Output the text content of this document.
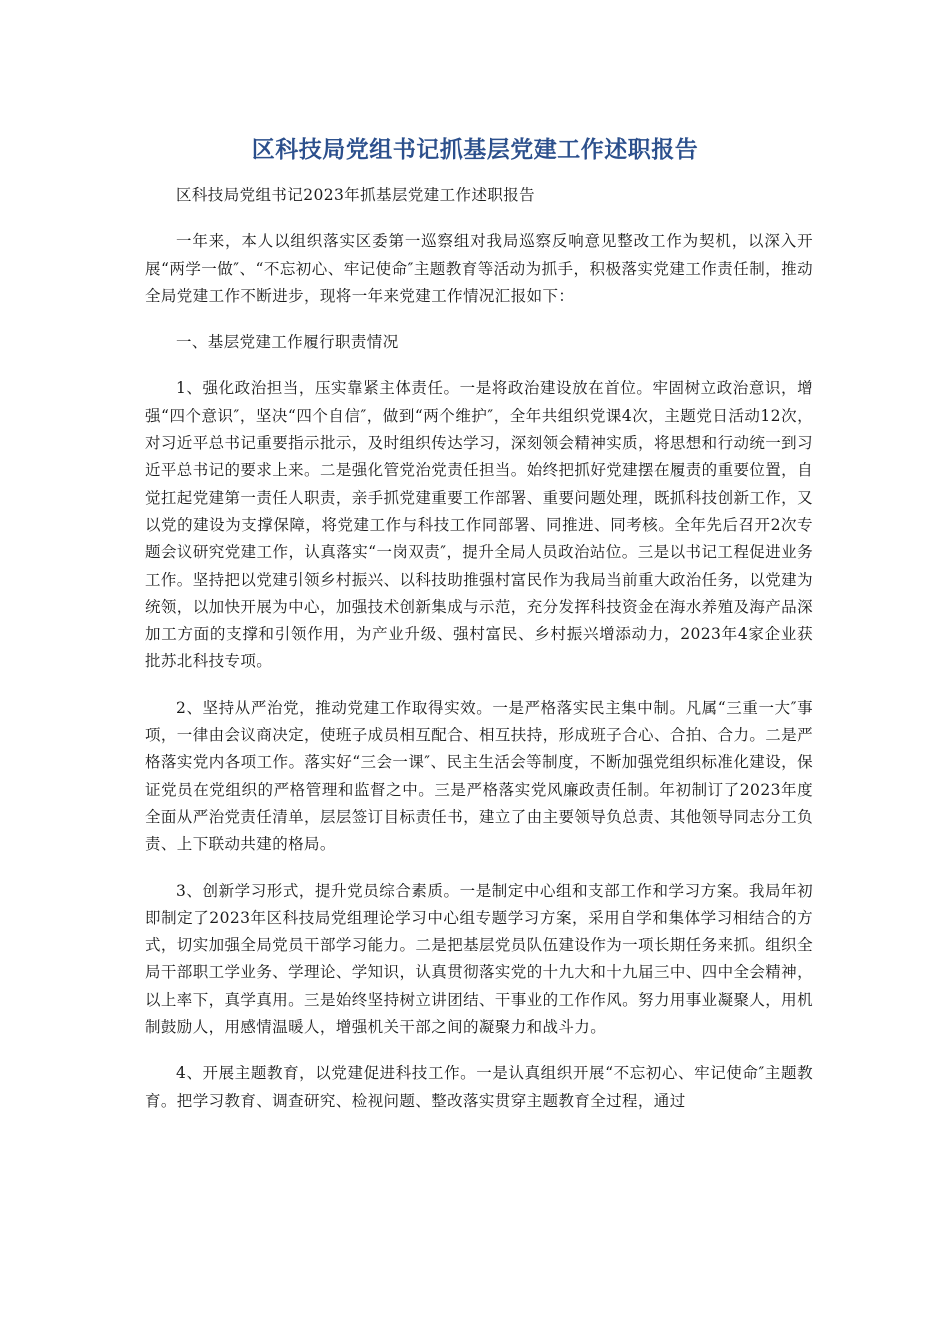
区科技局党组书记抓基层党建工作述职报告

区科技局党组书记2023年抓基层党建工作述职报告

一年来，本人以组织落实区委第一巡察组对我局巡察反响意见整改工作为契机，以深入开展“两学一做″、“不忘初心、牢记使命″主题教育等活动为抓手，积极落实党建工作责任制，推动全局党建工作不断进步，现将一年来党建工作情况汇报如下：

一、基层党建工作履行职责情况

1、强化政治担当，压实靠紧主体责任。一是将政治建设放在首位。牢固树立政治意识，增强“四个意识″，坚决“四个自信″，做到“两个维护″，全年共组织党课4次，主题党日活动12次，对习近平总书记重要指示批示，及时组织传达学习，深刻领会精神实质，将思想和行动统一到习近平总书记的要求上来。二是强化管党治党责任担当。始终把抓好党建摆在履责的重要位置，自觉扛起党建第一责任人职责，亲手抓党建重要工作部署、重要问题处理，既抓科技创新工作，又以党的建设为支撑保障，将党建工作与科技工作同部署、同推进、同考核。全年先后召开2次专题会议研究党建工作，认真落实“一岗双责″，提升全局人员政治站位。三是以书记工程促进业务工作。坚持把以党建引领乡村振兴、以科技助推强村富民作为我局当前重大政治任务，以党建为统领，以加快开展为中心，加强技术创新集成与示范，充分发挥科技资金在海水养殖及海产品深加工方面的支撑和引领作用，为产业升级、强村富民、乡村振兴增添动力，2023年4家企业获批苏北科技专项。

2、坚持从严治党，推动党建工作取得实效。一是严格落实民主集中制。凡属“三重一大″事项，一律由会议商决定，使班子成员相互配合、相互扶持，形成班子合心、合拍、合力。二是严格落实党内各项工作。落实好“三会一课″、民主生活会等制度，不断加强党组织标准化建设，保证党员在党组织的严格管理和监督之中。三是严格落实党风廉政责任制。年初制订了2023年度全面从严治党责任清单，层层签订目标责任书，建立了由主要领导负总责、其他领导同志分工负责、上下联动共建的格局。

3、创新学习形式，提升党员综合素质。一是制定中心组和支部工作和学习方案。我局年初即制定了2023年区科技局党组理论学习中心组专题学习方案，采用自学和集体学习相结合的方式，切实加强全局党员干部学习能力。二是把基层党员队伍建设作为一项长期任务来抓。组织全局干部职工学业务、学理论、学知识，认真贯彻落实党的十九大和十九届三中、四中全会精神，以上率下，真学真用。三是始终坚持树立讲团结、干事业的工作作风。努力用事业凝聚人，用机制鼓励人，用感情温暖人，增强机关干部之间的凝聚力和战斗力。

4、开展主题教育，以党建促进科技工作。一是认真组织开展“不忘初心、牢记使命″主题教育。把学习教育、调查研究、检视问题、整改落实贯穿主题教育全过程，通过
